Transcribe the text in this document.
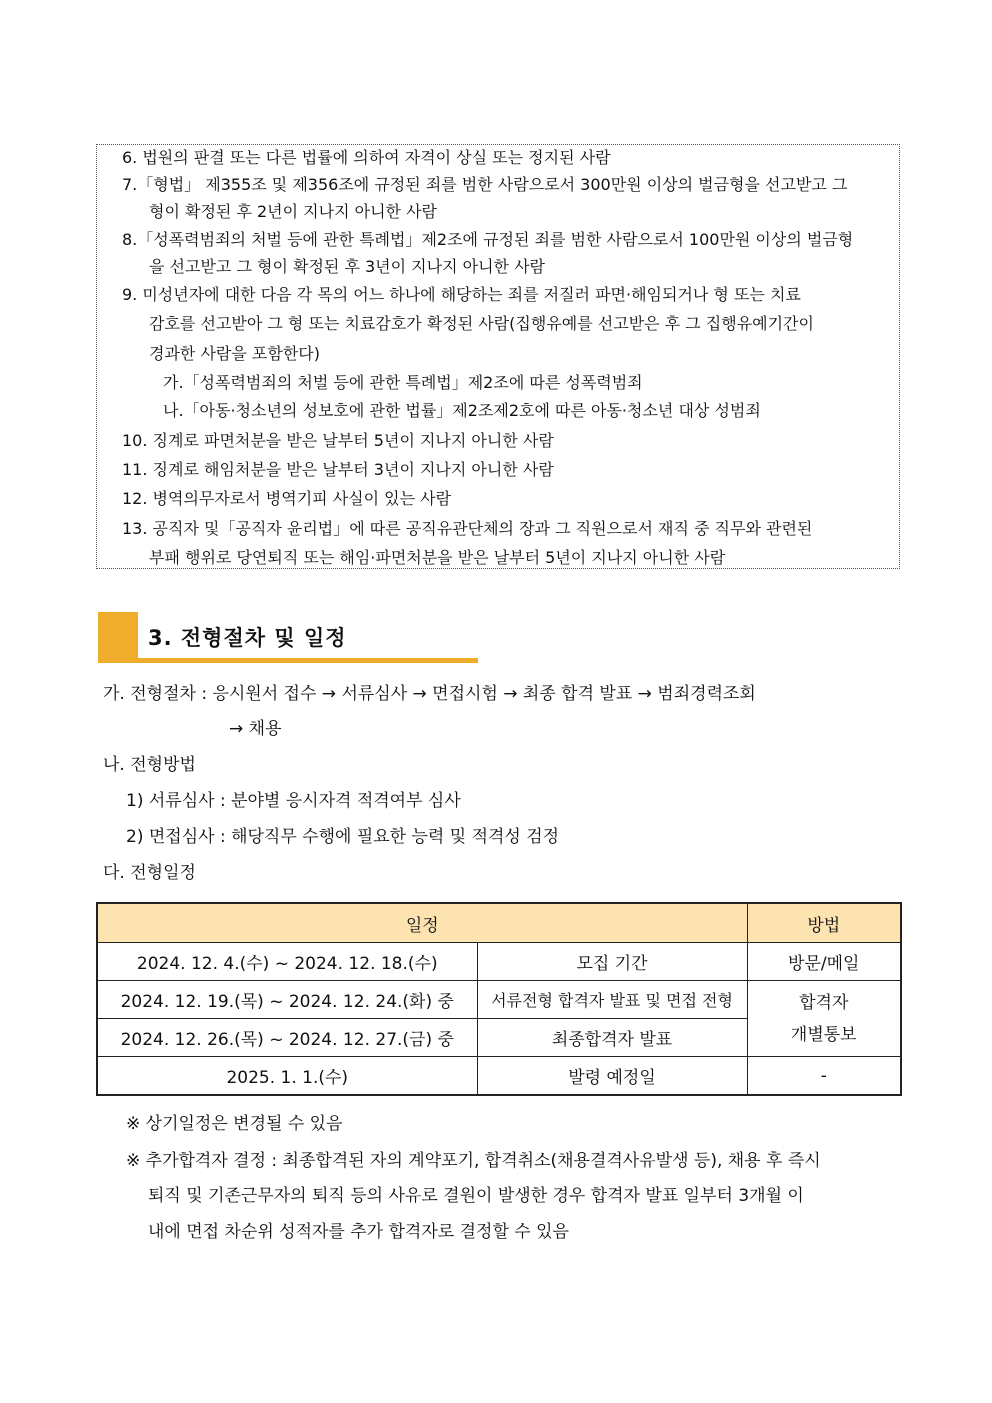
6. 법원의 판결 또는 다른 법률에 의하여 자격이 상실 또는 정지된 사람
7.「형법」 제355조 및 제356조에 규정된 죄를 범한 사람으로서 300만원 이상의 벌금형을 선고받고 그
형이 확정된 후 2년이 지나지 아니한 사람
8.「성폭력범죄의 처벌 등에 관한 특례법」제2조에 규정된 죄를 범한 사람으로서 100만원 이상의 벌금형
을 선고받고 그 형이 확정된 후 3년이 지나지 아니한 사람
9. 미성년자에 대한 다음 각 목의 어느 하나에 해당하는 죄를 저질러 파면·해임되거나 형 또는 치료
감호를 선고받아 그 형 또는 치료감호가 확정된 사람(집행유예를 선고받은 후 그 집행유예기간이
경과한 사람을 포함한다)
가.「성폭력범죄의 처벌 등에 관한 특례법」제2조에 따른 성폭력범죄
나.「아동·청소년의 성보호에 관한 법률」제2조제2호에 따른 아동·청소년 대상 성범죄
10. 징계로 파면처분을 받은 날부터 5년이 지나지 아니한 사람
11. 징계로 해임처분을 받은 날부터 3년이 지나지 아니한 사람
12. 병역의무자로서 병역기피 사실이 있는 사람
13. 공직자 및「공직자 윤리법」에 따른 공직유관단체의 장과 그 직원으로서 재직 중 직무와 관련된
부패 행위로 당연퇴직 또는 해임·파면처분을 받은 날부터 5년이 지나지 아니한 사람
3. 전형절차 및 일정
가. 전형절차 : 응시원서 접수 → 서류심사 → 면접시험 → 최종 합격 발표 → 범죄경력조회
→ 채용
나. 전형방법
1) 서류심사 : 분야별 응시자격 적격여부 심사
2) 면접심사 : 해당직무 수행에 필요한 능력 및 적격성 검정
다. 전형일정
일정		방법
2024. 12. 4.(수) ~ 2024. 12. 18.(수)	모집 기간	방문/메일
2024. 12. 19.(목) ~ 2024. 12. 24.(화) 중	서류전형 합격자 발표 및 면접 전형	합격자
개별통보

2024. 12. 26.(목) ~ 2024. 12. 27.(금) 중	최종합격자 발표	
2025. 1. 1.(수)	발령 예정일	-
※ 상기일정은 변경될 수 있음
※ 추가합격자 결정 : 최종합격된 자의 계약포기, 합격취소(채용결격사유발생 등), 채용 후 즉시
퇴직 및 기존근무자의 퇴직 등의 사유로 결원이 발생한 경우 합격자 발표 일부터 3개월 이
내에 면접 차순위 성적자를 추가 합격자로 결정할 수 있음
